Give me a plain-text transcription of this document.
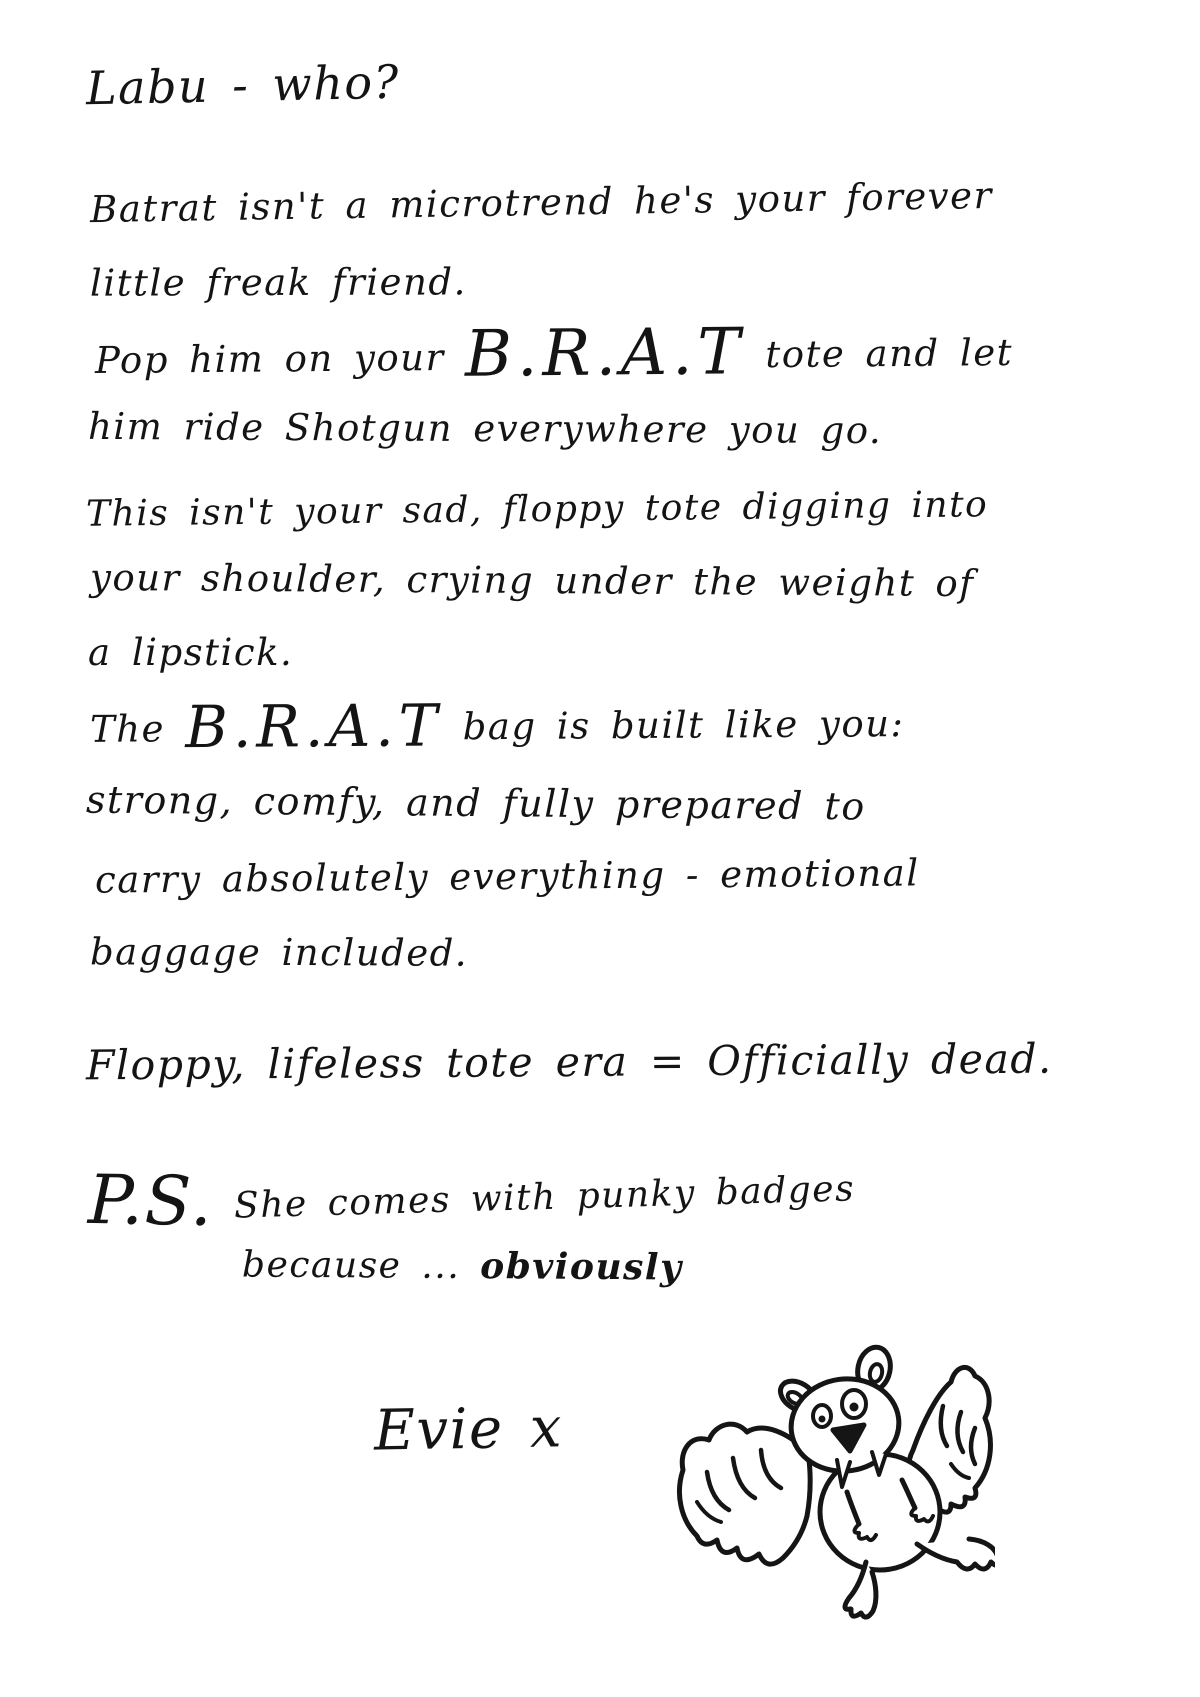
Labu - who?
Batrat isn't a microtrend he's your forever
little freak friend.
Pop him on your B.R.A.T tote and let
him ride Shotgun everywhere you go.
This isn't your sad, floppy tote digging into
your shoulder, crying under the weight of
a lipstick.
The B.R.A.T bag is built like you:
strong, comfy, and fully prepared to
carry absolutely everything - emotional
baggage included.
Floppy, lifeless tote era = Officially dead.
P.S. She comes with punky badges
because ... obviously
Evie x
